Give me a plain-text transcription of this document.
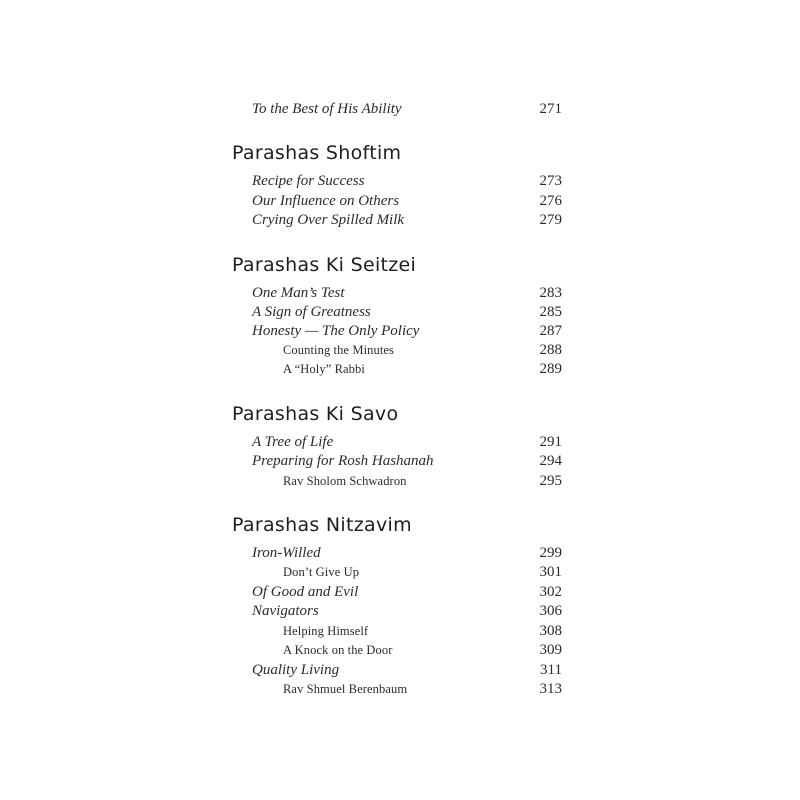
To the Best of His Ability	271
Parashas Shoftim
Recipe for Success	273
Our Influence on Others	276
Crying Over Spilled Milk	279
Parashas Ki Seitzei
One Man’s Test	283
A Sign of Greatness	285
Honesty — The Only Policy	287
Counting the Minutes	288
A “Holy” Rabbi	289
Parashas Ki Savo
A Tree of Life	291
Preparing for Rosh Hashanah	294
Rav Sholom Schwadron	295
Parashas Nitzavim
Iron-Willed	299
Don’t Give Up	301
Of Good and Evil	302
Navigators	306
Helping Himself	308
A Knock on the Door	309
Quality Living	311
Rav Shmuel Berenbaum	313
